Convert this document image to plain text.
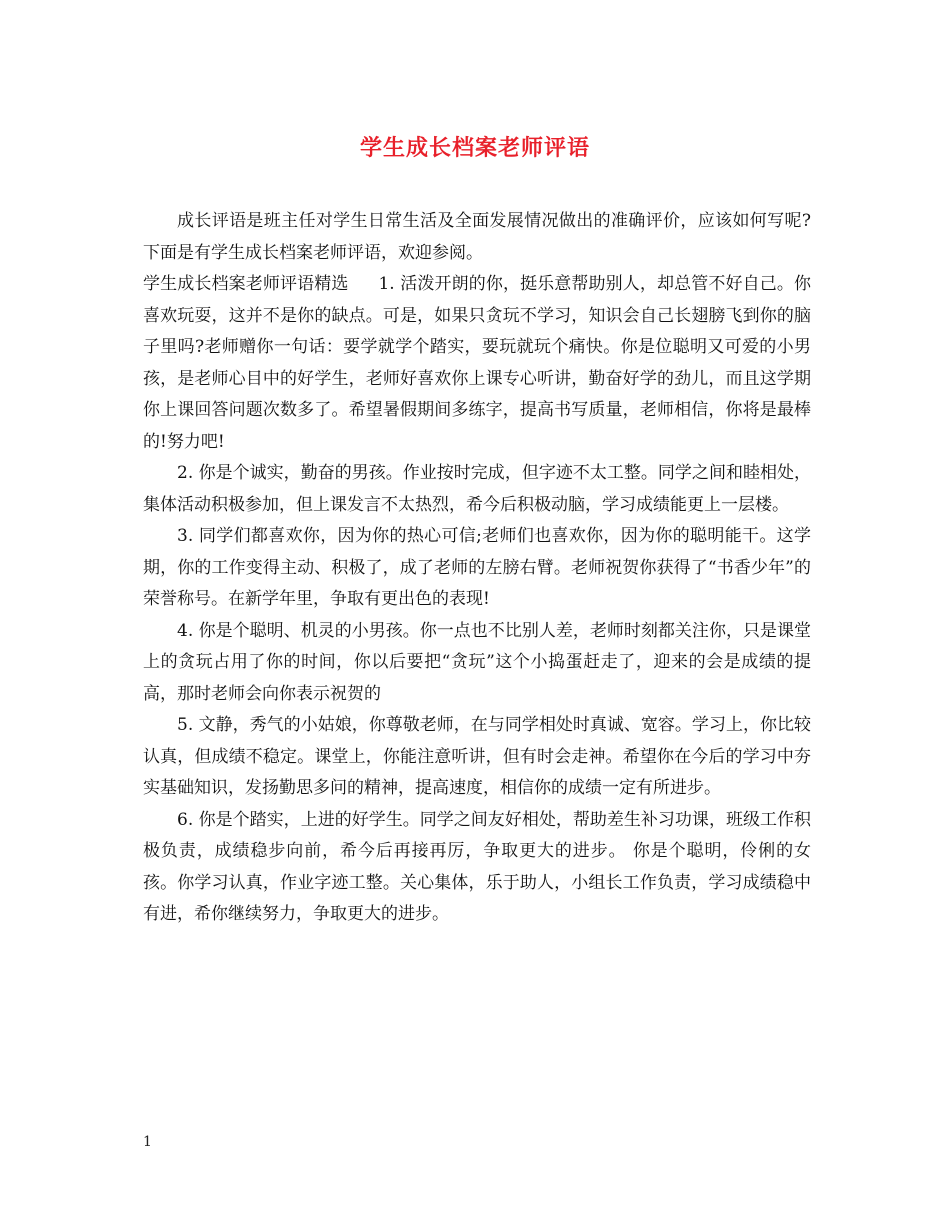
学生成长档案老师评语

成长评语是班主任对学生日常生活及全面发展情况做出的准确评价，应该如何写呢?下面是有学生成长档案老师评语，欢迎参阅。

学生成长档案老师评语精选 1. 活泼开朗的你，挺乐意帮助别人，却总管不好自己。你喜欢玩耍，这并不是你的缺点。可是，如果只贪玩不学习，知识会自己长翅膀飞到你的脑子里吗?老师赠你一句话：要学就学个踏实，要玩就玩个痛快。你是位聪明又可爱的小男孩，是老师心目中的好学生，老师好喜欢你上课专心听讲，勤奋好学的劲儿，而且这学期你上课回答问题次数多了。希望暑假期间多练字，提高书写质量，老师相信，你将是最棒的!努力吧!

2. 你是个诚实，勤奋的男孩。作业按时完成，但字迹不太工整。同学之间和睦相处，集体活动积极参加，但上课发言不太热烈，希今后积极动脑，学习成绩能更上一层楼。

3. 同学们都喜欢你，因为你的热心可信;老师们也喜欢你，因为你的聪明能干。这学期，你的工作变得主动、积极了，成了老师的左膀右臂。老师祝贺你获得了“书香少年”的荣誉称号。在新学年里，争取有更出色的表现!

4. 你是个聪明、机灵的小男孩。你一点也不比别人差，老师时刻都关注你，只是课堂上的贪玩占用了你的时间，你以后要把“贪玩”这个小捣蛋赶走了，迎来的会是成绩的提高，那时老师会向你表示祝贺的

5. 文静，秀气的小姑娘，你尊敬老师，在与同学相处时真诚、宽容。学习上，你比较认真，但成绩不稳定。课堂上，你能注意听讲，但有时会走神。希望你在今后的学习中夯实基础知识，发扬勤思多问的精神，提高速度，相信你的成绩一定有所进步。

6. 你是个踏实，上进的好学生。同学之间友好相处，帮助差生补习功课，班级工作积极负责，成绩稳步向前，希今后再接再厉，争取更大的进步。 你是个聪明，伶俐的女孩。你学习认真，作业字迹工整。关心集体，乐于助人，小组长工作负责，学习成绩稳中有进，希你继续努力，争取更大的进步。

1
